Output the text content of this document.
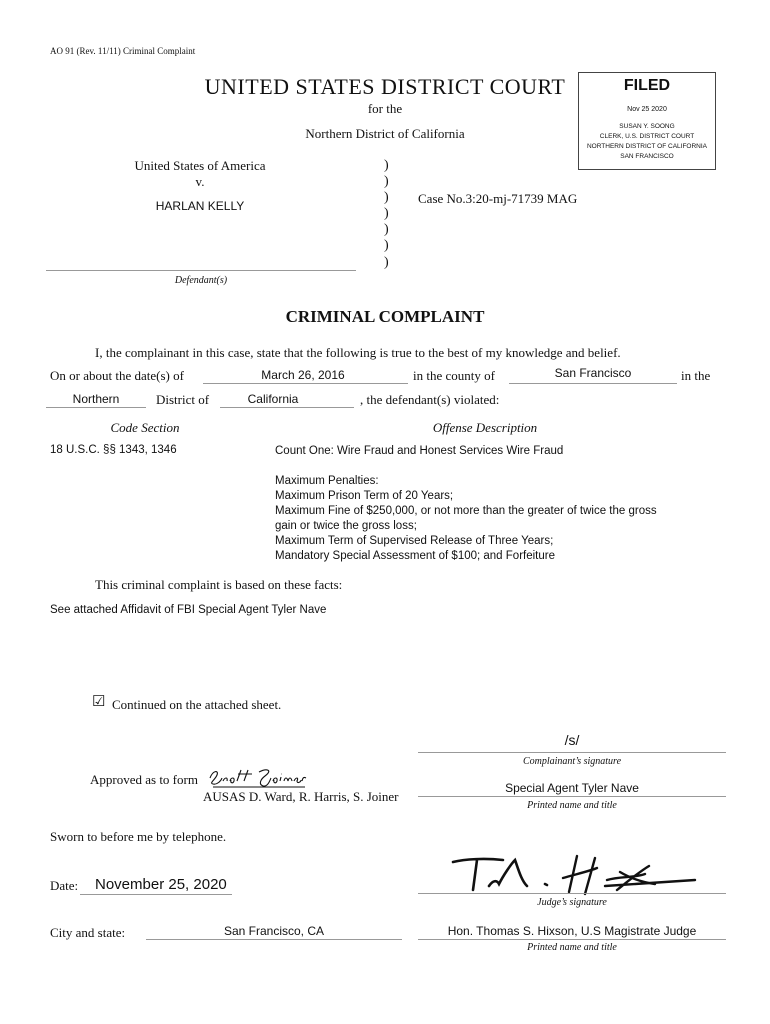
AO 91 (Rev. 11/11) Criminal Complaint
UNITED STATES DISTRICT COURT
for the
Northern District of California
FILED
Nov 25 2020
SUSAN Y. SOONG
CLERK, U.S. DISTRICT COURT
NORTHERN DISTRICT OF CALIFORNIA
SAN FRANCISCO
United States of America
v.
HARLAN KELLY
)
)
)
)
)
)
)
Case No.3:20-mj-71739 MAG
Defendant(s)
CRIMINAL COMPLAINT
I, the complainant in this case, state that the following is true to the best of my knowledge and belief.
On or about the date(s) of	March 26, 2016	in the county of	San Francisco	in the
Northern	District of	California	, the defendant(s) violated:
Code Section	Offense Description
18 U.S.C. §§ 1343, 1346	Count One: Wire Fraud and Honest Services Wire Fraud
Maximum Penalties:
Maximum Prison Term of 20 Years;
Maximum Fine of $250,000, or not more than the greater of twice the gross
gain or twice the gross loss;
Maximum Term of Supervised Release of Three Years;
Mandatory Special Assessment of $100; and Forfeiture
This criminal complaint is based on these facts:
See attached Affidavit of FBI Special Agent Tyler Nave
☑ Continued on the attached sheet.
/s/
Complainant’s signature
Special Agent Tyler Nave
Printed name and title
Approved as to form
AUSAS D. Ward, R. Harris, S. Joiner
Sworn to before me by telephone.
Date: November 25, 2020
Judge’s signature
City and state:	San Francisco, CA	Hon. Thomas S. Hixson, U.S Magistrate Judge
Printed name and title
